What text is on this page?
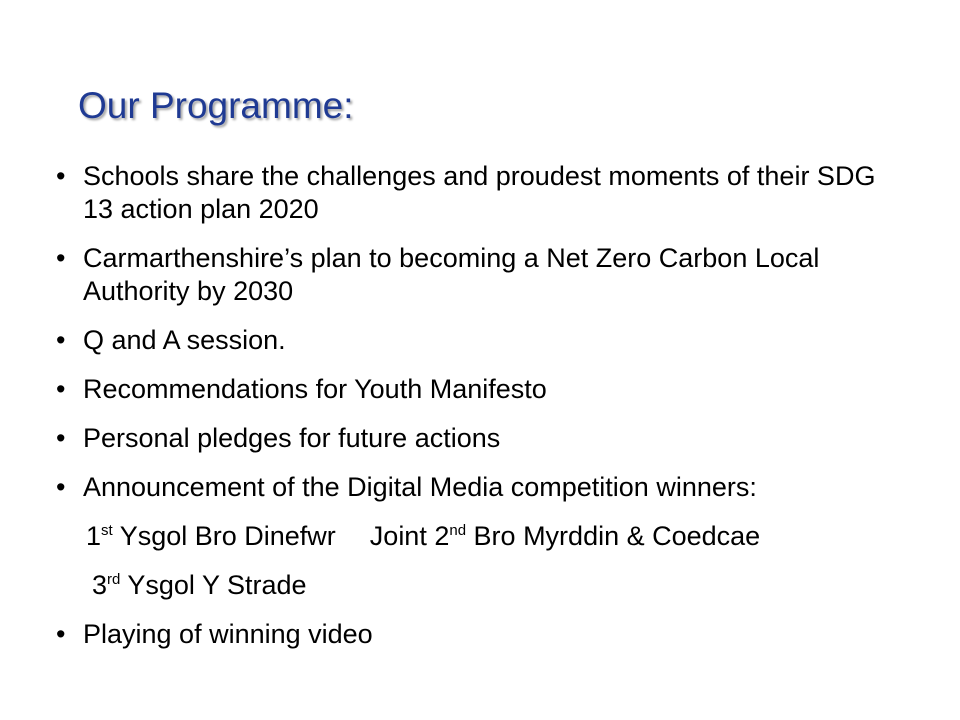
Our Programme:
• Schools share the challenges and proudest moments of their SDG 13 action plan 2020
• Carmarthenshire’s plan to becoming a Net Zero Carbon Local Authority by 2030
• Q and A session.
• Recommendations for Youth Manifesto
• Personal pledges for future actions
• Announcement of the Digital Media competition winners:
1st Ysgol Bro Dinefwr Joint 2nd Bro Myrddin & Coedcae
3rd Ysgol Y Strade
• Playing of winning video
